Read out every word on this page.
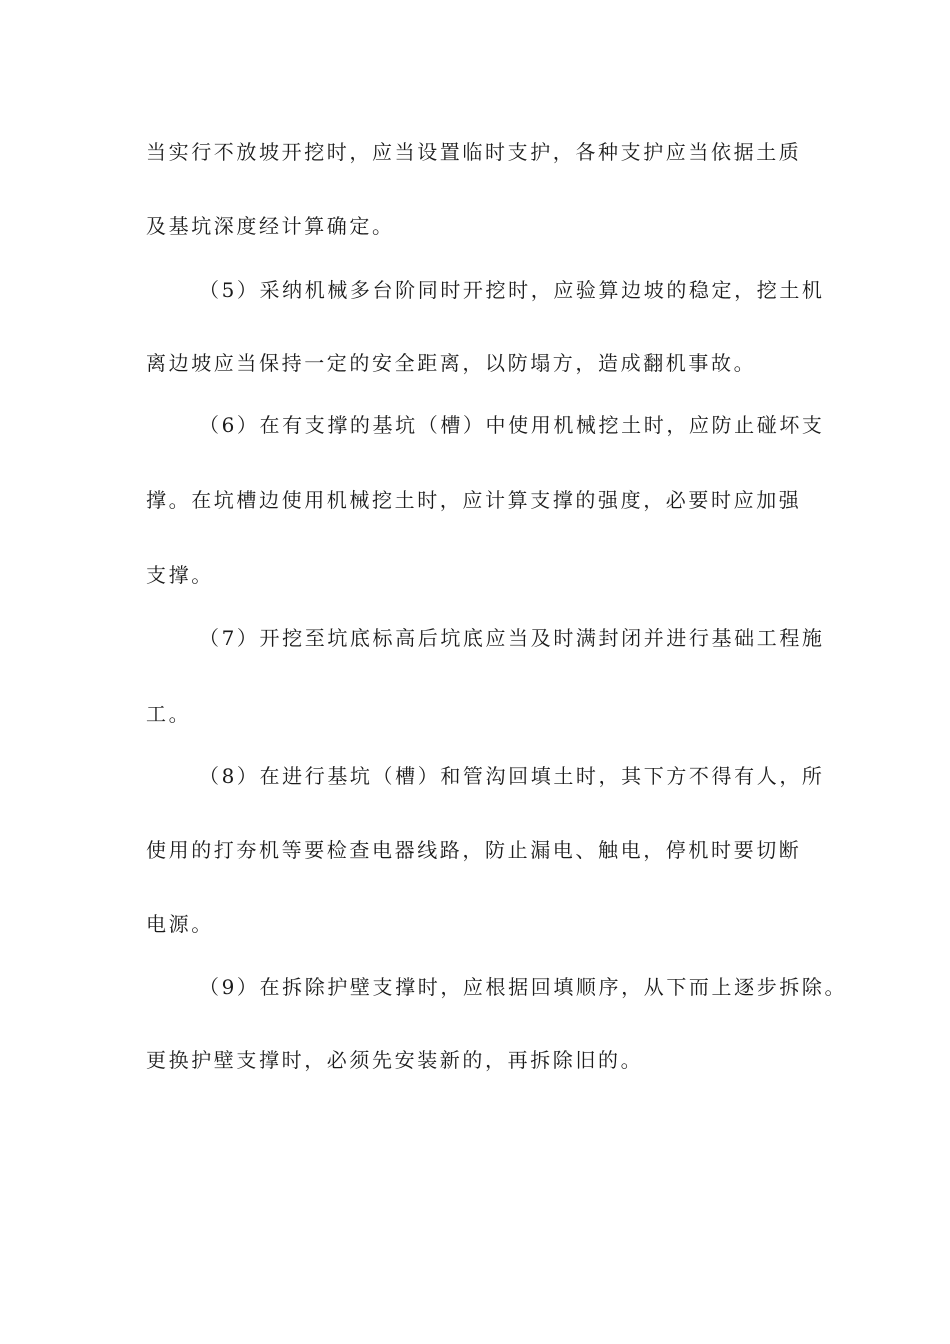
当实行不放坡开挖时，应当设置临时支护，各种支护应当依据土质
及基坑深度经计算确定。
（5）采纳机械多台阶同时开挖时，应验算边坡的稳定，挖土机
离边坡应当保持一定的安全距离，以防塌方，造成翻机事故。
（6）在有支撑的基坑（槽）中使用机械挖土时，应防止碰坏支
撑。在坑槽边使用机械挖土时，应计算支撑的强度，必要时应加强
支撑。
（7）开挖至坑底标高后坑底应当及时满封闭并进行基础工程施
工。
（8）在进行基坑（槽）和管沟回填土时，其下方不得有人，所
使用的打夯机等要检查电器线路，防止漏电、触电，停机时要切断
电源。
（9）在拆除护壁支撑时，应根据回填顺序，从下而上逐步拆除。
更换护壁支撑时，必须先安装新的，再拆除旧的。
